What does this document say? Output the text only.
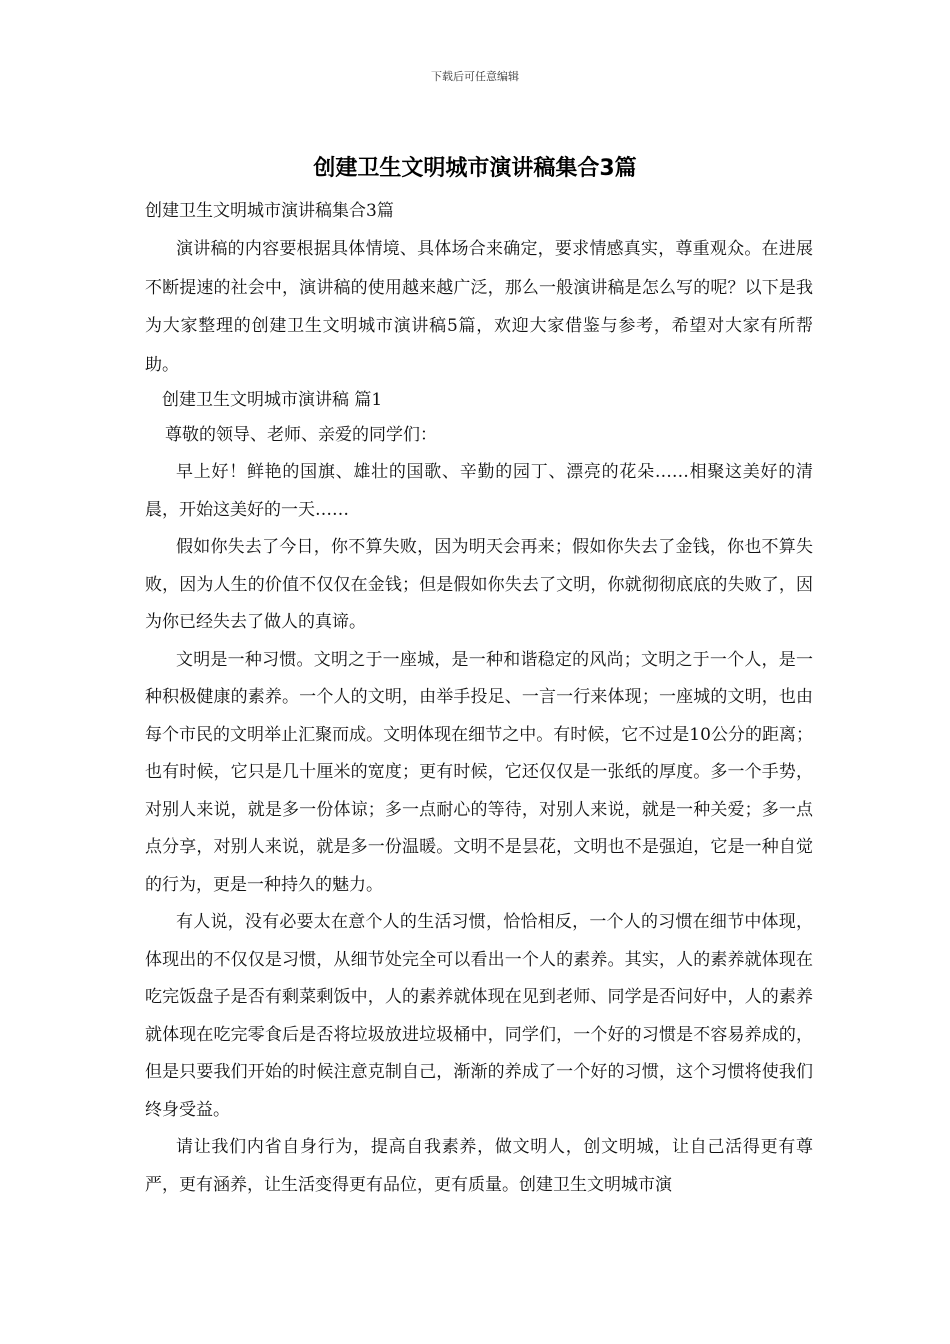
下载后可任意编辑
创建卫生文明城市演讲稿集合3篇

创建卫生文明城市演讲稿集合3篇

演讲稿的内容要根据具体情境、具体场合来确定，要求情感真实，尊重观众。在进展不断提速的社会中，演讲稿的使用越来越广泛，那么一般演讲稿是怎么写的呢？以下是我为大家整理的创建卫生文明城市演讲稿5篇，欢迎大家借鉴与参考，希望对大家有所帮助。

创建卫生文明城市演讲稿 篇1

尊敬的领导、老师、亲爱的同学们：

早上好！鲜艳的国旗、雄壮的国歌、辛勤的园丁、漂亮的花朵……相聚这美好的清晨，开始这美好的一天……

假如你失去了今日，你不算失败，因为明天会再来；假如你失去了金钱，你也不算失败，因为人生的价值不仅仅在金钱；但是假如你失去了文明，你就彻彻底底的失败了，因为你已经失去了做人的真谛。

文明是一种习惯。文明之于一座城，是一种和谐稳定的风尚；文明之于一个人，是一种积极健康的素养。一个人的文明，由举手投足、一言一行来体现；一座城的文明，也由每个市民的文明举止汇聚而成。文明体现在细节之中。有时候，它不过是10公分的距离；也有时候，它只是几十厘米的宽度；更有时候，它还仅仅是一张纸的厚度。多一个手势，对别人来说，就是多一份体谅；多一点耐心的等待，对别人来说，就是一种关爱；多一点点分享，对别人来说，就是多一份温暖。文明不是昙花，文明也不是强迫，它是一种自觉的行为，更是一种持久的魅力。

有人说，没有必要太在意个人的生活习惯，恰恰相反，一个人的习惯在细节中体现，体现出的不仅仅是习惯，从细节处完全可以看出一个人的素养。其实，人的素养就体现在吃完饭盘子是否有剩菜剩饭中，人的素养就体现在见到老师、同学是否问好中，人的素养就体现在吃完零食后是否将垃圾放进垃圾桶中，同学们，一个好的习惯是不容易养成的，但是只要我们开始的时候注意克制自己，渐渐的养成了一个好的习惯，这个习惯将使我们终身受益。

请让我们内省自身行为，提高自我素养，做文明人，创文明城，让自己活得更有尊严，更有涵养，让生活变得更有品位，更有质量。创建卫生文明城市演
